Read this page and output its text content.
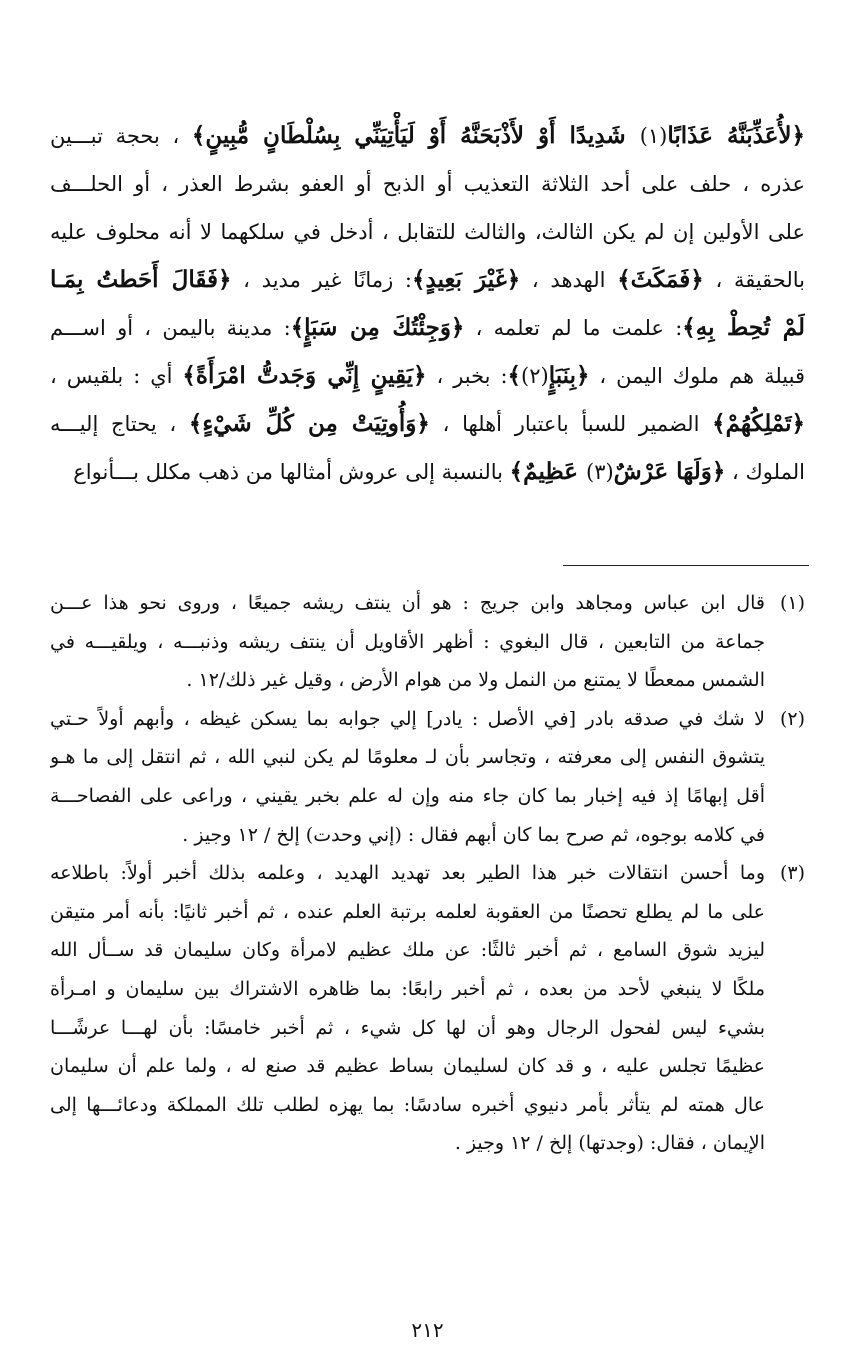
﴿لأُعَذِّبَنَّهُ عَذَابًا(١) شَدِيدًا أَوْ لأَذْبَحَنَّهُ أَوْ لَيَأْتِيَنِّي بِسُلْطَانٍ مُّبِينٍ﴾ ، بحجة تبـــين
عذره ، حلف على أحد الثلاثة التعذيب أو الذبح أو العفو بشرط العذر ، أو الحلـــف
على الأولين إن لم يكن الثالث، والثالث للتقابل ، أدخل في سلكهما لا أنه محلوف عليه
بالحقيقة ، ﴿فَمَكَثَ﴾ الهدهد ، ﴿غَيْرَ بَعِيدٍ﴾: زمانًا غير مديد ، ﴿فَقَالَ أَحَطتُ بِمَـا
لَمْ تُحِطْ بِهِ﴾: علمت ما لم تعلمه ، ﴿وَجِئْتُكَ مِن سَبَإٍ﴾: مدينة باليمن ، أو اســـم
قبيلة هم ملوك اليمن ، ﴿بِنَبَإٍ(٢)﴾: بخبر ، ﴿يَقِينٍ إِنِّي وَجَدتُّ امْرَأَةً﴾ أي : بلقيس ،
﴿تَمْلِكُهُمْ﴾ الضمير للسبأ باعتبار أهلها ، ﴿وَأُوتِيَتْ مِن كُلِّ شَيْءٍ﴾ ، يحتاج إليـــه
الملوك ، ﴿وَلَهَا عَرْشٌ(٣) عَظِيمٌ﴾ بالنسبة إلى عروش أمثالها من ذهب مكلل بـــأنواع
(١)قال ابن عباس ومجاهد وابن جريج : هو أن ينتف ريشه جميعًا ، وروى نحو هذا عـــن
جماعة من التابعين ، قال البغوي : أظهر الأقاويل أن ينتف ريشه وذنبـــه ، ويلقيـــه في
الشمس ممعطًا لا يمتنع من النمل ولا من هوام الأرض ، وقيل غير ذلك/١٢ .
(٢)لا شك في صدقه بادر [في الأصل : يادر] إلي جوابه بما يسكن غيظه ، وأبهم أولاً حـتي
يتشوق النفس إلى معرفته ، وتجاسر بأن لـ معلومًا لم يكن لنبي الله ، ثم انتقل إلى ما هـو
أقل إبهامًا إذ فيه إخبار بما كان جاء منه وإن له علم بخبر يقيني ، وراعى على الفصاحـــة
في كلامه بوجوه، ثم صرح بما كان أبهم فقال : (إني وحدت) إلخ / ١٢ وجيز .
(٣)وما أحسن انتقالات خبر هذا الطير بعد تهديد الهديد ، وعلمه بذلك أخبر أولاً: باطلاعه
على ما لم يطلع تحصنًا من العقوبة لعلمه برتبة العلم عنده ، ثم أخبر ثانيًا: بأنه أمر متيقن
ليزيد شوق السامع ، ثم أخبر ثالثًا: عن ملك عظيم لامرأة وكان سليمان قد ســأل الله
ملكًا لا ينبغي لأحد من بعده ، ثم أخبر رابعًا: بما ظاهره الاشتراك بين سليمان و امـرأة
بشيء ليس لفحول الرجال وهو أن لها كل شيء ، ثم أخبر خامسًا: بأن لهـــا عرشًـــا
عظيمًا تجلس عليه ، و قد كان لسليمان بساط عظيم قد صنع له ، ولما علم أن سليمان
عال همته لم يتأثر بأمر دنيوي أخبره سادسًا: بما يهزه لطلب تلك المملكة ودعائـــها إلى
الإيمان ، فقال: (وجدتها) إلخ / ١٢ وجيز .
٢١٢
